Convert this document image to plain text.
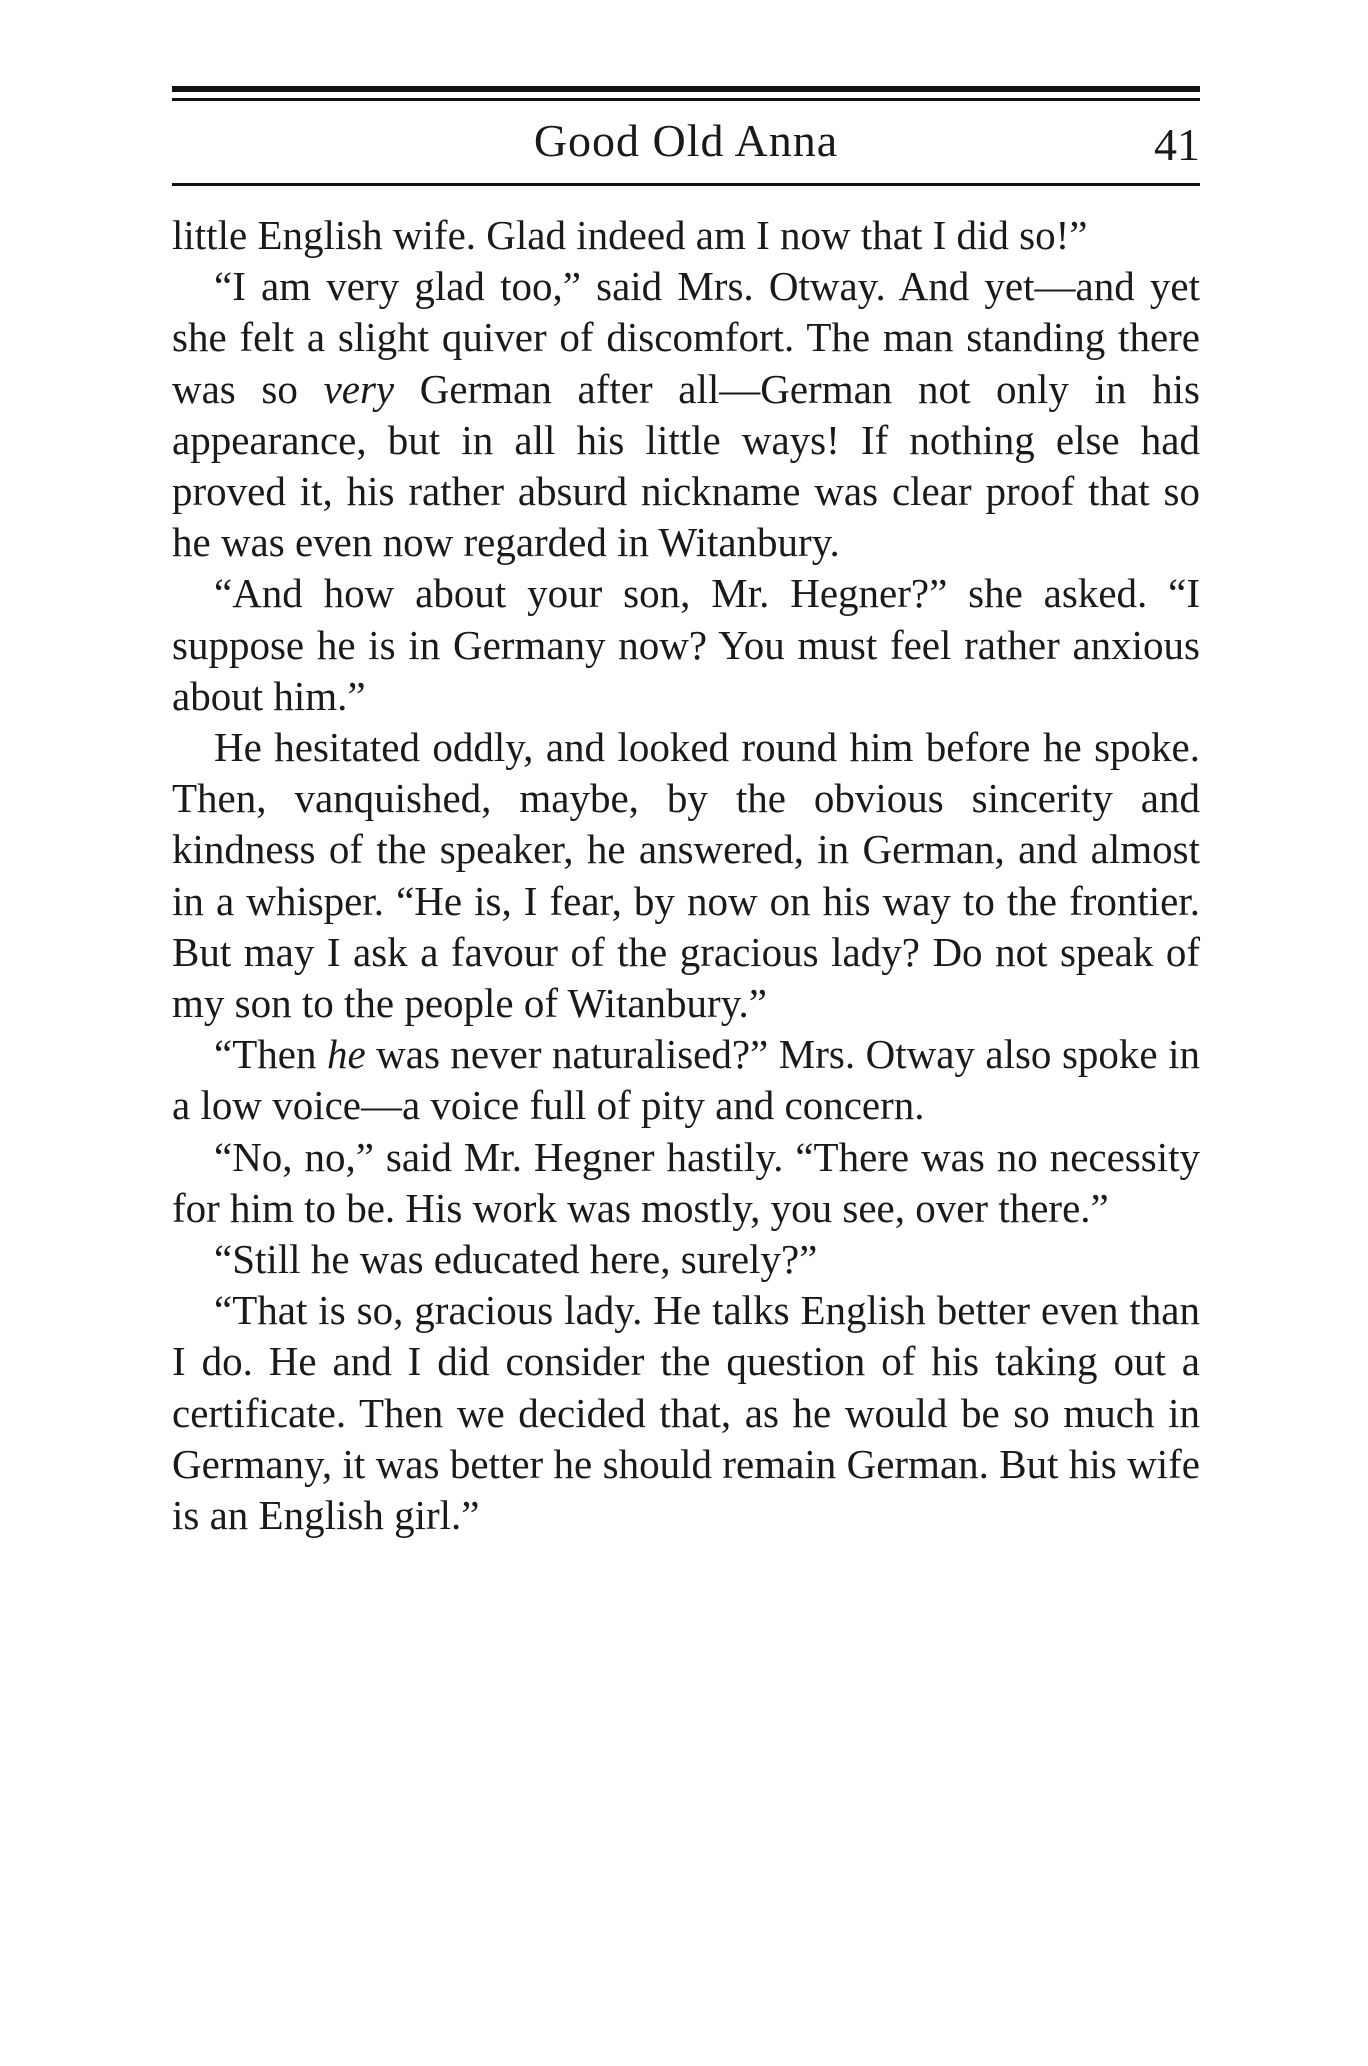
Good Old Anna	41

little English wife. Glad indeed am I now that I did so!”

“I am very glad too,” said Mrs. Otway. And yet—and yet she felt a slight quiver of discomfort. The man standing there was so very German after all—German not only in his appearance, but in all his little ways! If nothing else had proved it, his rather absurd nickname was clear proof that so he was even now regarded in Witanbury.

“And how about your son, Mr. Hegner?” she asked. “I suppose he is in Germany now? You must feel rather anxious about him.”

He hesitated oddly, and looked round him before he spoke. Then, vanquished, maybe, by the obvious sincerity and kindness of the speaker, he answered, in German, and almost in a whisper. “He is, I fear, by now on his way to the frontier. But may I ask a favour of the gracious lady? Do not speak of my son to the people of Witanbury.”

“Then he was never naturalised?” Mrs. Otway also spoke in a low voice—a voice full of pity and concern.

“No, no,” said Mr. Hegner hastily. “There was no necessity for him to be. His work was mostly, you see, over there.”

“Still he was educated here, surely?”

“That is so, gracious lady. He talks English better even than I do. He and I did consider the question of his taking out a certificate. Then we decided that, as he would be so much in Germany, it was better he should remain German. But his wife is an English girl.”
